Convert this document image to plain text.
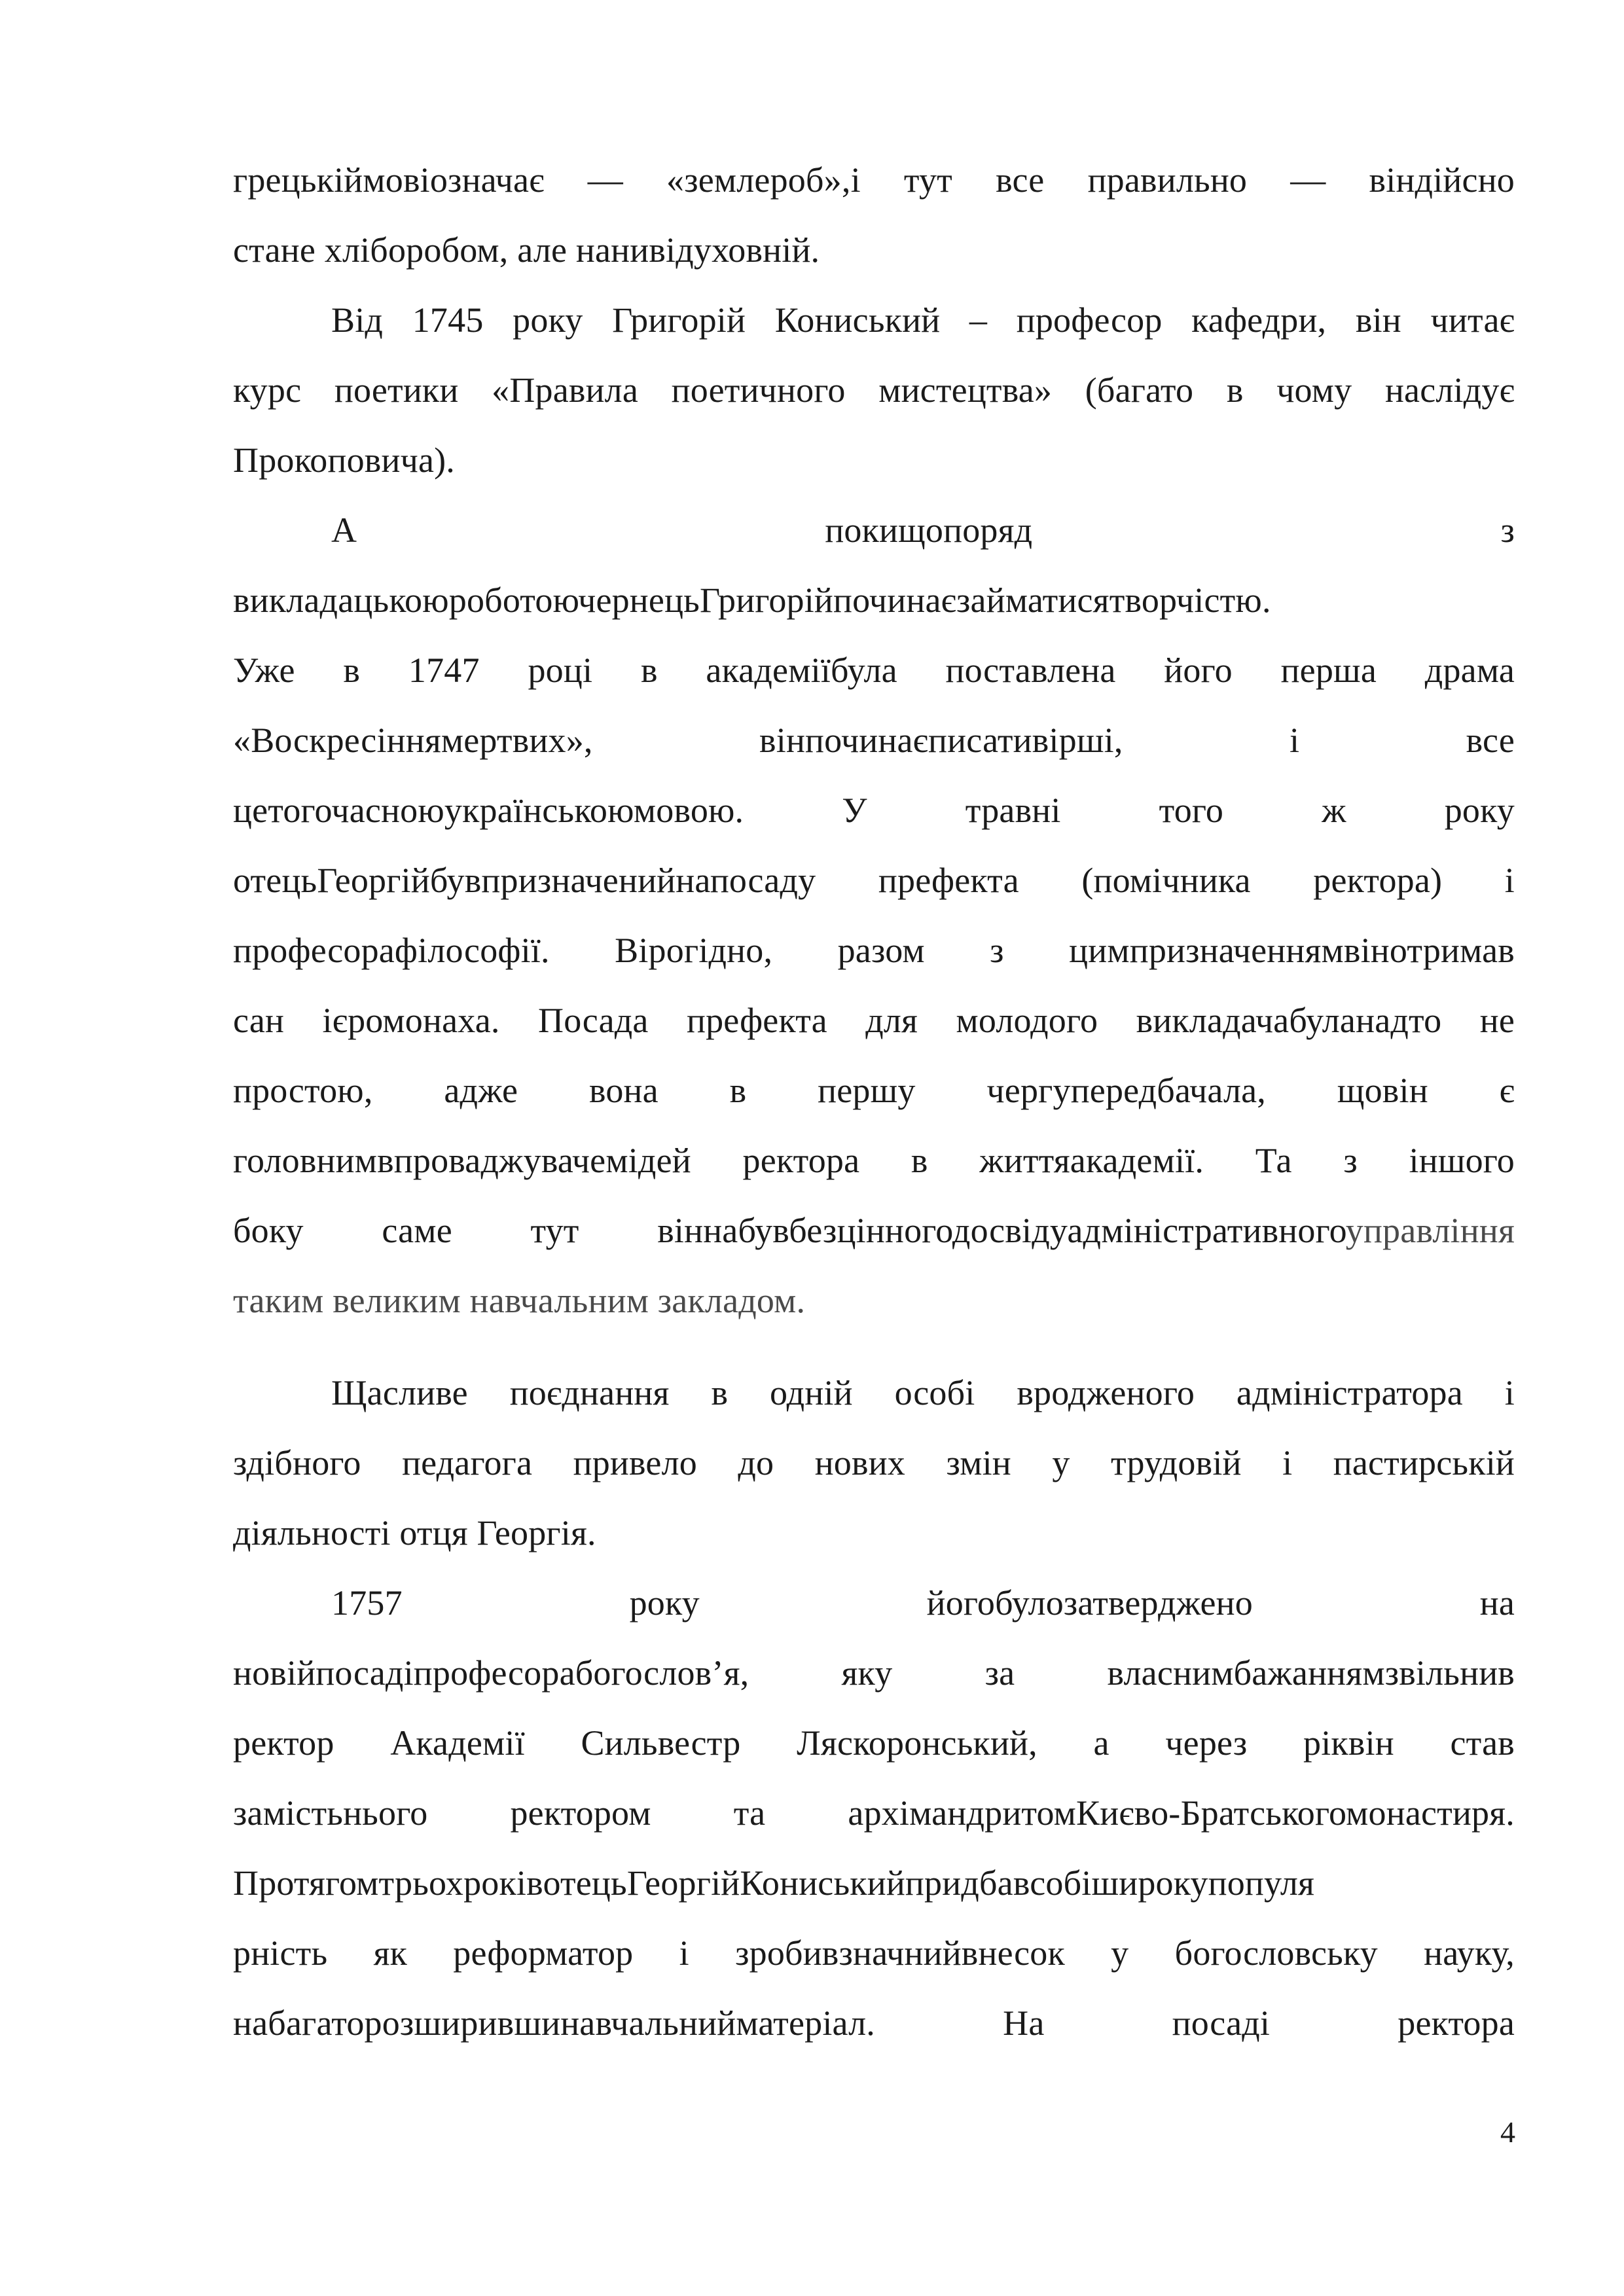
грецькіймовіозначає — «землероб»,і тут все правильно — віндійсно
стане хліборобом, але нанивідуховній.
Від 1745 року Григорій Кониський – професор кафедри, він читає
курс поетики «Правила поетичного мистецтва» (багато в чому наслідує
Прокоповича).
А покищопоряд з
викладацькоюроботоючернецьГригорійпочинаєзайматисятворчістю.
Уже в 1747 році в академіїбула поставлена його перша драма
«Воскресіннямертвих», вінпочинаєписативірші, і все
цетогочасноюукраїнськоюмовою. У травні того ж року
отецьГеоргійбувпризначенийнапосаду префекта (помічника ректора) і
професорафілософії. Вірогідно, разом з цимпризначеннямвінотримав
сан ієромонаха. Посада префекта для молодого викладачабуланадто не
простою, адже вона в першу чергупередбачала, щовін є
головнимвпроваджувачемідей ректора в життяакадемії. Та з іншого
боку саме тут віннабувбезцінногодосвідуадміністративногоуправління
таким великим навчальним закладом.
Щасливе поєднання в одній особі вродженого адміністратора і
здібного педагога привело до нових змін у трудовій і пастирській
діяльності отця Георгія.
1757 року йогобулозатверджено на
новійпосадіпрофесорабогослов’я, яку за власнимбажаннямзвільнив
ректор Академії Сильвестр Ляскоронський, а через ріквін став
замістьнього ректором та архімандритомКиєво-Братськогомонастиря.
ПротягомтрьохроківотецьГеоргійКониськийпридбавсобіширокупопуля
рність як реформатор і зробивзначнийвнесок у богословську науку,
набагаторозширившинавчальнийматеріал. На посаді ректора
4
